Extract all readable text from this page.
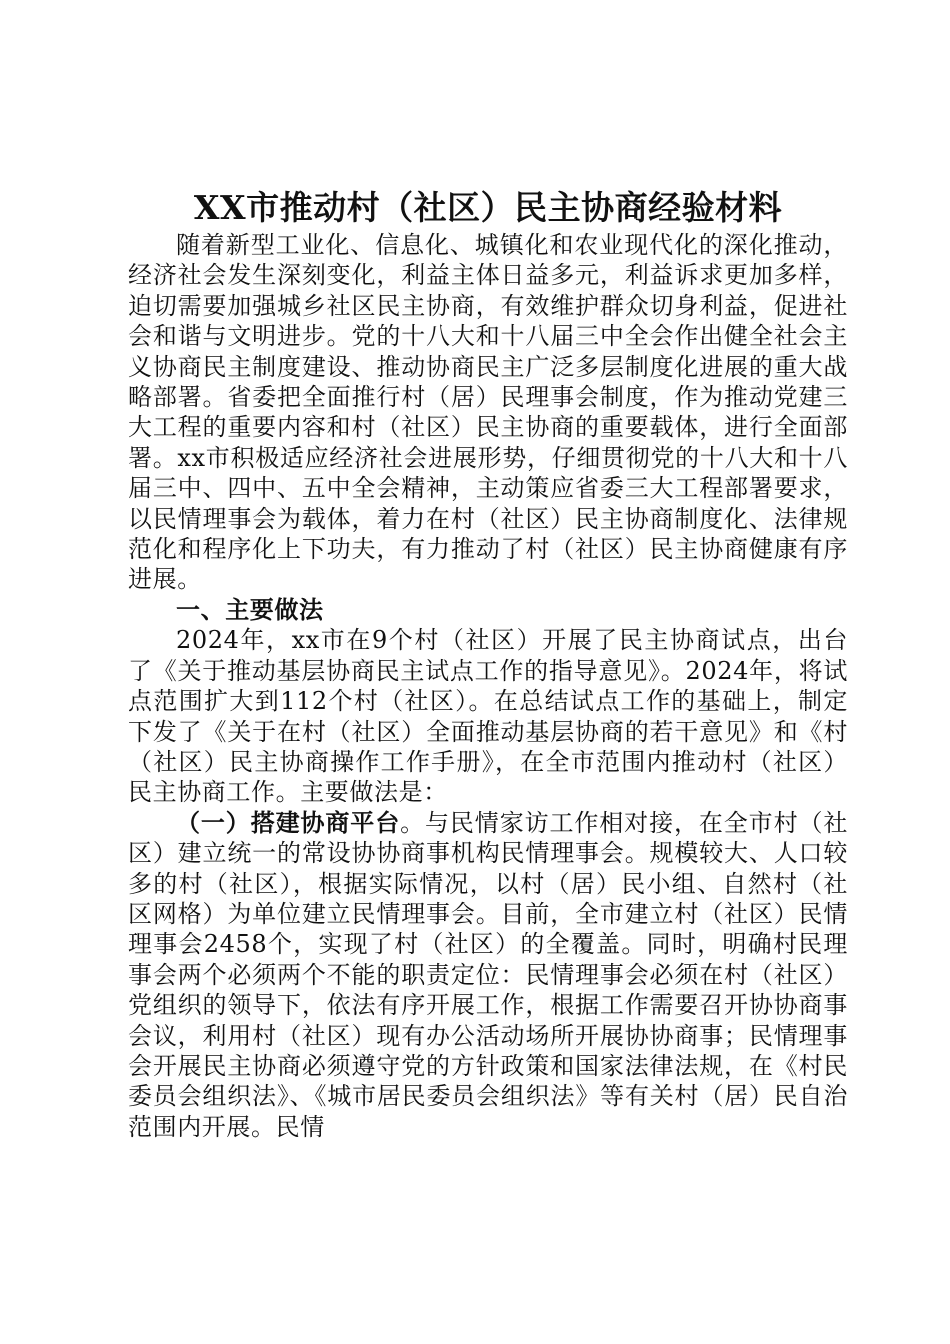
XX市推动村（社区）民主协商经验材料

随着新型工业化、信息化、城镇化和农业现代化的深化推动，经济社会发生深刻变化，利益主体日益多元，利益诉求更加多样，迫切需要加强城乡社区民主协商，有效维护群众切身利益，促进社会和谐与文明进步。党的十八大和十八届三中全会作出健全社会主义协商民主制度建设、推动协商民主广泛多层制度化进展的重大战略部署。省委把全面推行村（居）民理事会制度，作为推动党建三大工程的重要内容和村（社区）民主协商的重要载体，进行全面部署。xx市积极适应经济社会进展形势，仔细贯彻党的十八大和十八届三中、四中、五中全会精神，主动策应省委三大工程部署要求，以民情理事会为载体，着力在村（社区）民主协商制度化、法律规范化和程序化上下功夫，有力推动了村（社区）民主协商健康有序进展。

一、主要做法

2024年，xx市在9个村（社区）开展了民主协商试点，出台了《关于推动基层协商民主试点工作的指导意见》。2024年，将试点范围扩大到112个村（社区）。在总结试点工作的基础上，制定下发了《关于在村（社区）全面推动基层协商的若干意见》和《村（社区）民主协商操作工作手册》，在全市范围内推动村（社区）民主协商工作。主要做法是：

（一）搭建协商平台。与民情家访工作相对接，在全市村（社区）建立统一的常设协协商事机构民情理事会。规模较大、人口较多的村（社区），根据实际情况，以村（居）民小组、自然村（社区网格）为单位建立民情理事会。目前，全市建立村（社区）民情理事会2458个，实现了村（社区）的全覆盖。同时，明确村民理事会两个必须两个不能的职责定位：民情理事会必须在村（社区）党组织的领导下，依法有序开展工作，根据工作需要召开协协商事会议，利用村（社区）现有办公活动场所开展协协商事；民情理事会开展民主协商必须遵守党的方针政策和国家法律法规，在《村民委员会组织法》、《城市居民委员会组织法》等有关村（居）民自治范围内开展。民情
